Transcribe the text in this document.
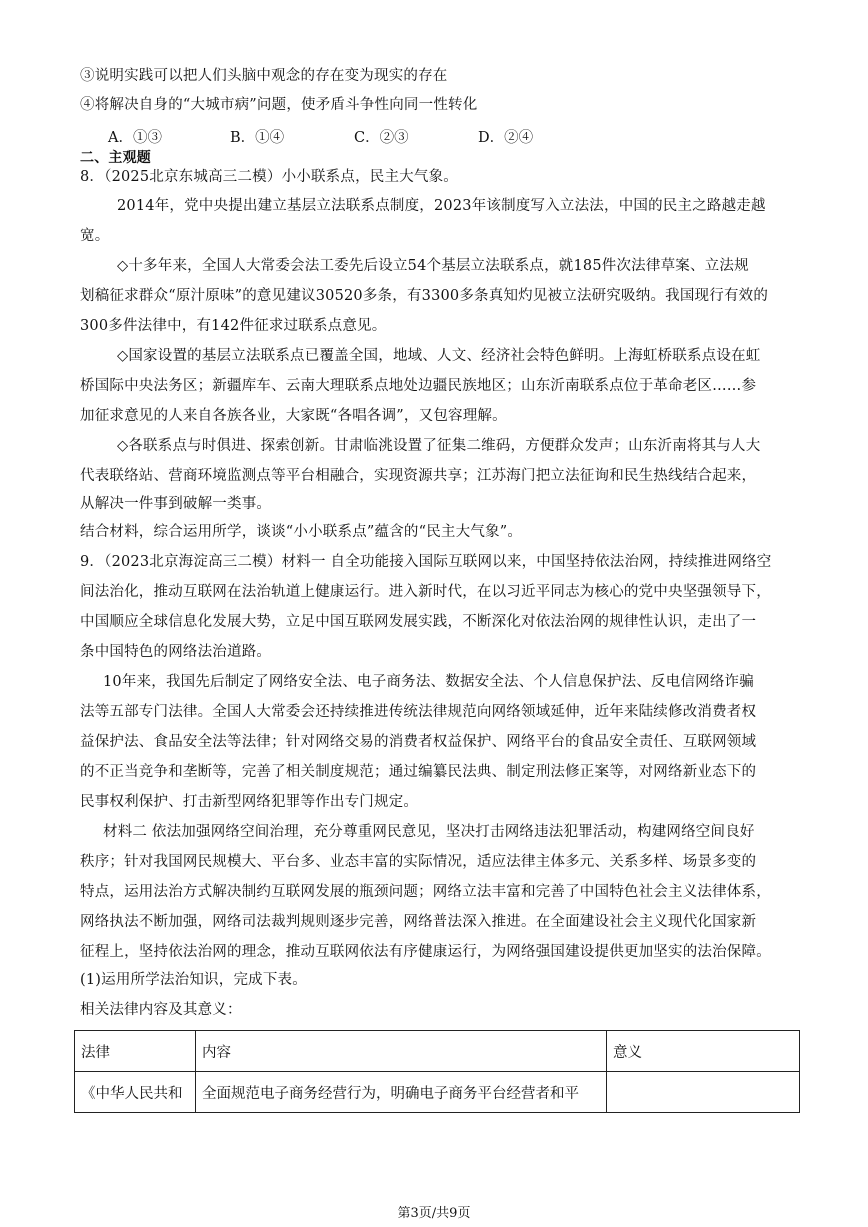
③说明实践可以把人们头脑中观念的存在变为现实的存在
④将解决自身的“大城市病”问题，使矛盾斗争性向同一性转化
A．①③	B．①④	C．②③	D．②④
二、主观题
8．（2025北京东城高三二模）小小联系点，民主大气象。
2014年，党中央提出建立基层立法联系点制度，2023年该制度写入立法法，中国的民主之路越走越
宽。
◇十多年来，全国人大常委会法工委先后设立54个基层立法联系点，就185件次法律草案、立法规
划稿征求群众“原汁原味”的意见建议30520多条，有3300多条真知灼见被立法研究吸纳。我国现行有效的
300多件法律中，有142件征求过联系点意见。
◇国家设置的基层立法联系点已覆盖全国，地域、人文、经济社会特色鲜明。上海虹桥联系点设在虹
桥国际中央法务区；新疆库车、云南大理联系点地处边疆民族地区；山东沂南联系点位于革命老区……参
加征求意见的人来自各族各业，大家既“各唱各调”，又包容理解。
◇各联系点与时俱进、探索创新。甘肃临洮设置了征集二维码，方便群众发声；山东沂南将其与人大
代表联络站、营商环境监测点等平台相融合，实现资源共享；江苏海门把立法征询和民生热线结合起来，
从解决一件事到破解一类事。
结合材料，综合运用所学，谈谈“小小联系点”蕴含的“民主大气象”。
9．（2023北京海淀高三二模）材料一 自全功能接入国际互联网以来，中国坚持依法治网，持续推进网络空
间法治化，推动互联网在法治轨道上健康运行。进入新时代，在以习近平同志为核心的党中央坚强领导下，
中国顺应全球信息化发展大势，立足中国互联网发展实践，不断深化对依法治网的规律性认识，走出了一
条中国特色的网络法治道路。
10年来，我国先后制定了网络安全法、电子商务法、数据安全法、个人信息保护法、反电信网络诈骗
法等五部专门法律。全国人大常委会还持续推进传统法律规范向网络领域延伸，近年来陆续修改消费者权
益保护法、食品安全法等法律；针对网络交易的消费者权益保护、网络平台的食品安全责任、互联网领域
的不正当竞争和垄断等，完善了相关制度规范；通过编纂民法典、制定刑法修正案等，对网络新业态下的
民事权利保护、打击新型网络犯罪等作出专门规定。
材料二 依法加强网络空间治理，充分尊重网民意见，坚决打击网络违法犯罪活动，构建网络空间良好
秩序；针对我国网民规模大、平台多、业态丰富的实际情况，适应法律主体多元、关系多样、场景多变的
特点，运用法治方式解决制约互联网发展的瓶颈问题；网络立法丰富和完善了中国特色社会主义法律体系，
网络执法不断加强，网络司法裁判规则逐步完善，网络普法深入推进。在全面建设社会主义现代化国家新
征程上，坚持依法治网的理念，推动互联网依法有序健康运行，为网络强国建设提供更加坚实的法治保障。
(1)运用所学法治知识，完成下表。
相关法律内容及其意义：
法律	内容	意义
《中华人民共和	全面规范电子商务经营行为，明确电子商务平台经营者和平	
第3页/共9页
